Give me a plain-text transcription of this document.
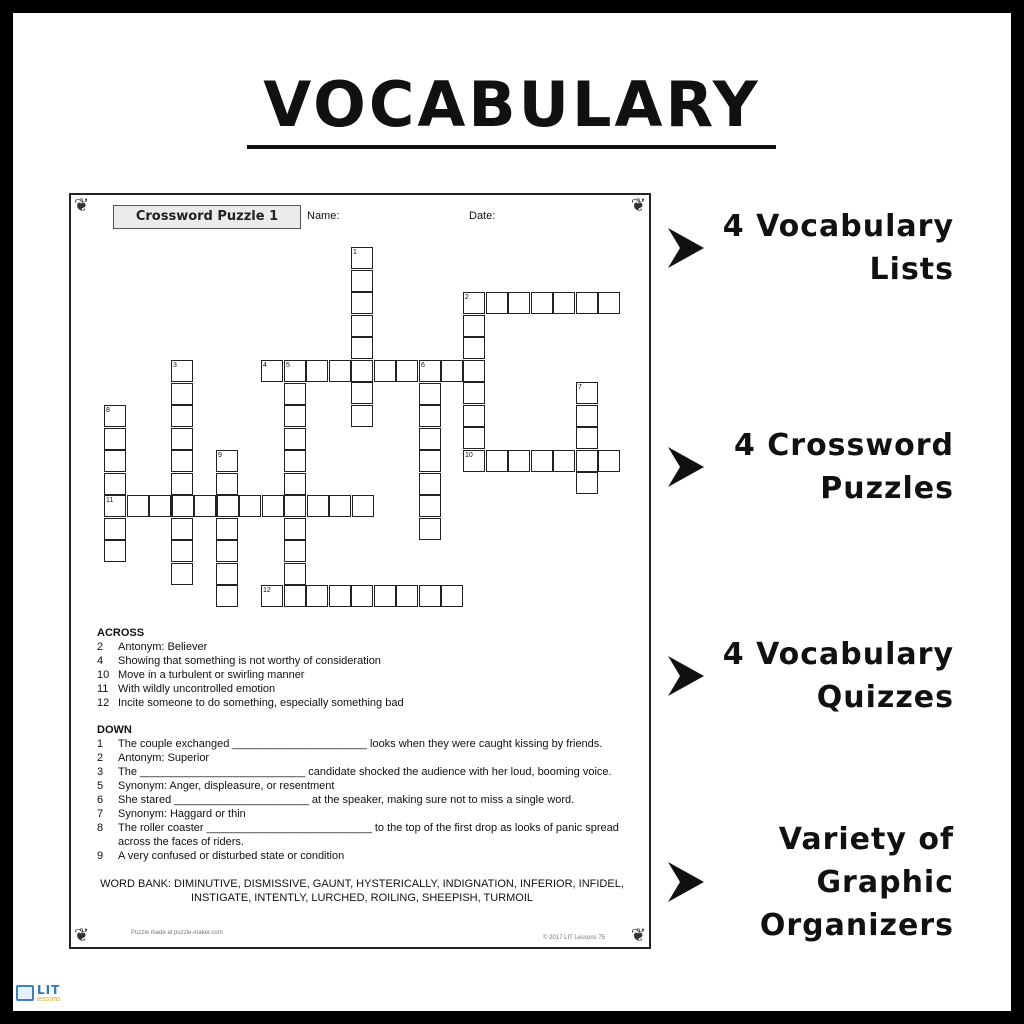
VOCABULARY
❦	❦
❦	❦
Crossword Puzzle 1	Name:	Date:
1
2
3	4	5	6
7
8
9	10
11
12
ACROSS
2	Antonym: Believer
4	Showing that something is not worthy of consideration
10 Move in a turbulent or swirling manner
11 With wildly uncontrolled emotion
12 Incite someone to do something, especially something bad
DOWN
1	The couple exchanged ______________________ looks when they were caught kissing by friends.
2	Antonym: Superior
3	The ___________________________ candidate shocked the audience with her loud, booming voice.
5	Synonym: Anger, displeasure, or resentment
6	She stared ______________________ at the speaker, making sure not to miss a single word.
7	Synonym: Haggard or thin
8	The roller coaster ___________________________ to the top of the first drop as looks of panic spread across the faces of riders.
9	A very confused or disturbed state or condition
WORD BANK: DIMINUTIVE, DISMISSIVE, GAUNT, HYSTERICALLY, INDIGNATION, INFERIOR, INFIDEL, INSTIGATE, INTENTLY, LURCHED, ROILING, SHEEPISH, TURMOIL
Puzzle made at puzzle-maker.com
© 2017 LIT Lessons 75
4 Vocabulary
Lists
4 Crossword
Puzzles
4 Vocabulary
Quizzes
Variety of
Graphic
Organizers
LIT
lessons
